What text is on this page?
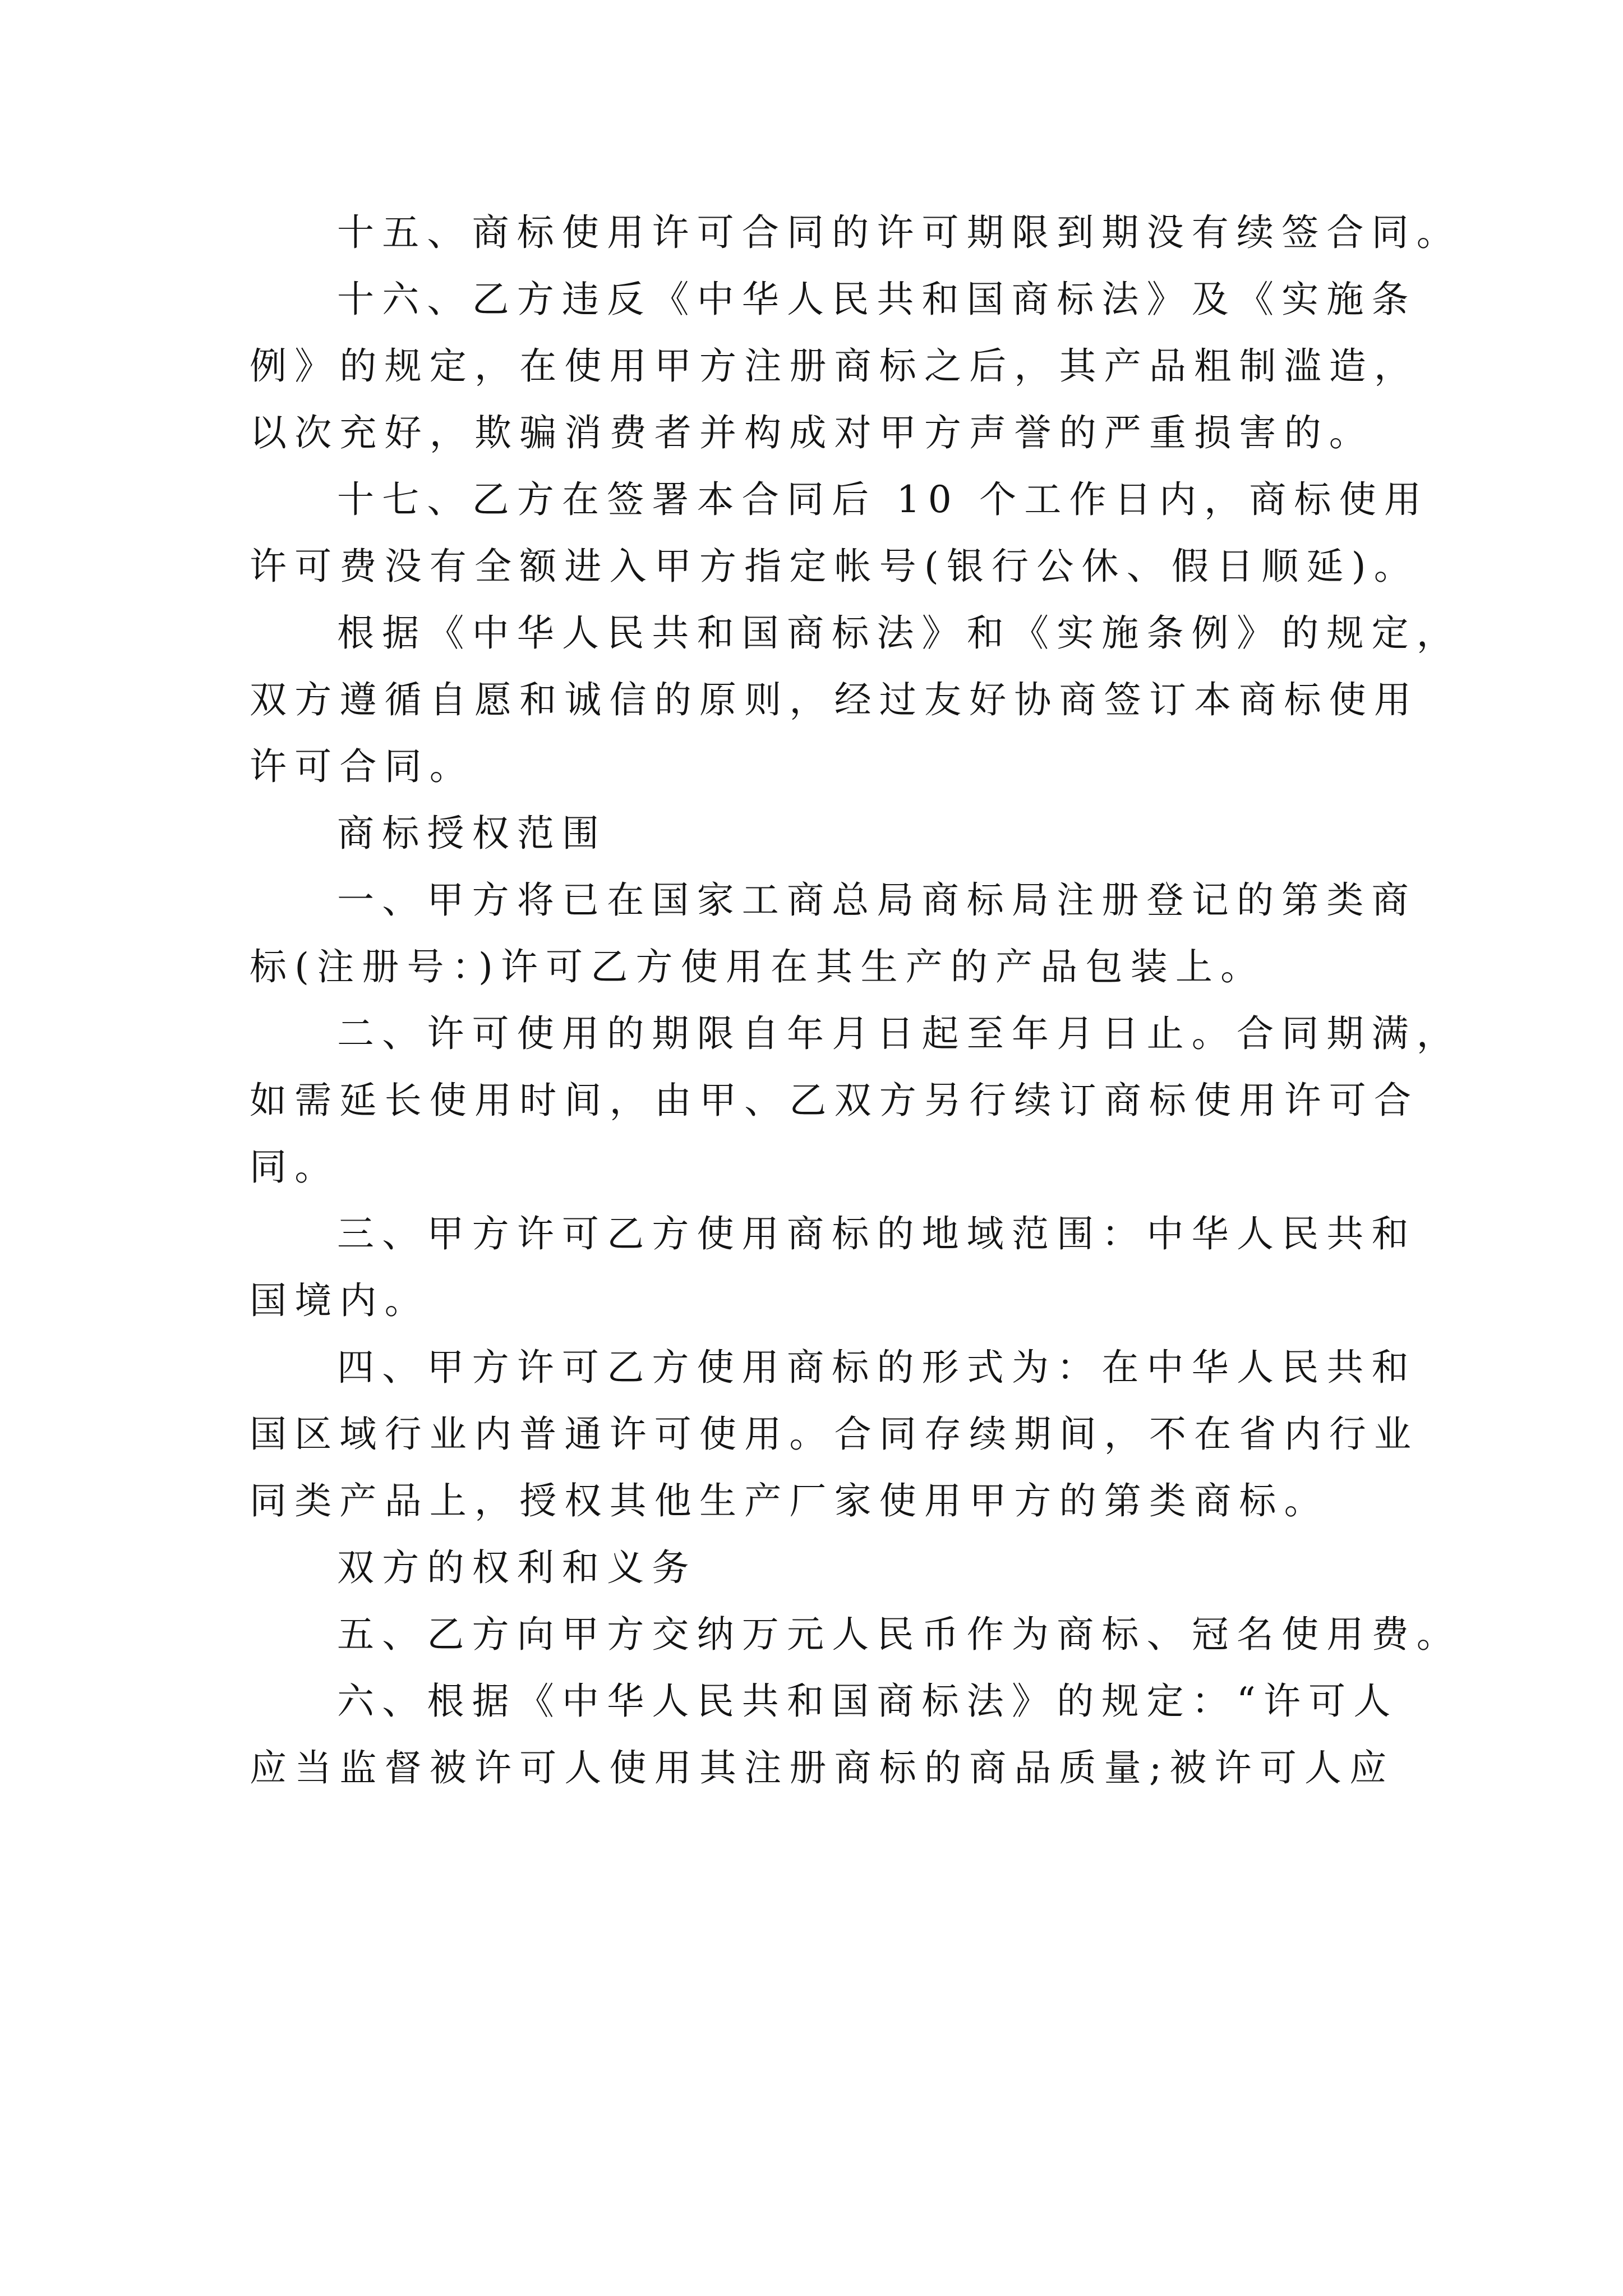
十五、商标使用许可合同的许可期限到期没有续签合同。
十六、乙方违反《中华人民共和国商标法》及《实施条
例》的规定，在使用甲方注册商标之后，其产品粗制滥造，
以次充好，欺骗消费者并构成对甲方声誉的严重损害的。
十七、乙方在签署本合同后 10 个工作日内，商标使用
许可费没有全额进入甲方指定帐号(银行公休、假日顺延)。
根据《中华人民共和国商标法》和《实施条例》的规定，
双方遵循自愿和诚信的原则，经过友好协商签订本商标使用
许可合同。
商标授权范围
一、甲方将已在国家工商总局商标局注册登记的第类商
标(注册号：)许可乙方使用在其生产的产品包装上。
二、许可使用的期限自年月日起至年月日止。合同期满，
如需延长使用时间，由甲、乙双方另行续订商标使用许可合
同。
三、甲方许可乙方使用商标的地域范围：中华人民共和
国境内。
四、甲方许可乙方使用商标的形式为：在中华人民共和
国区域行业内普通许可使用。合同存续期间，不在省内行业
同类产品上，授权其他生产厂家使用甲方的第类商标。
双方的权利和义务
五、乙方向甲方交纳万元人民币作为商标、冠名使用费。
六、根据《中华人民共和国商标法》的规定：“许可人
应当监督被许可人使用其注册商标的商品质量;被许可人应
